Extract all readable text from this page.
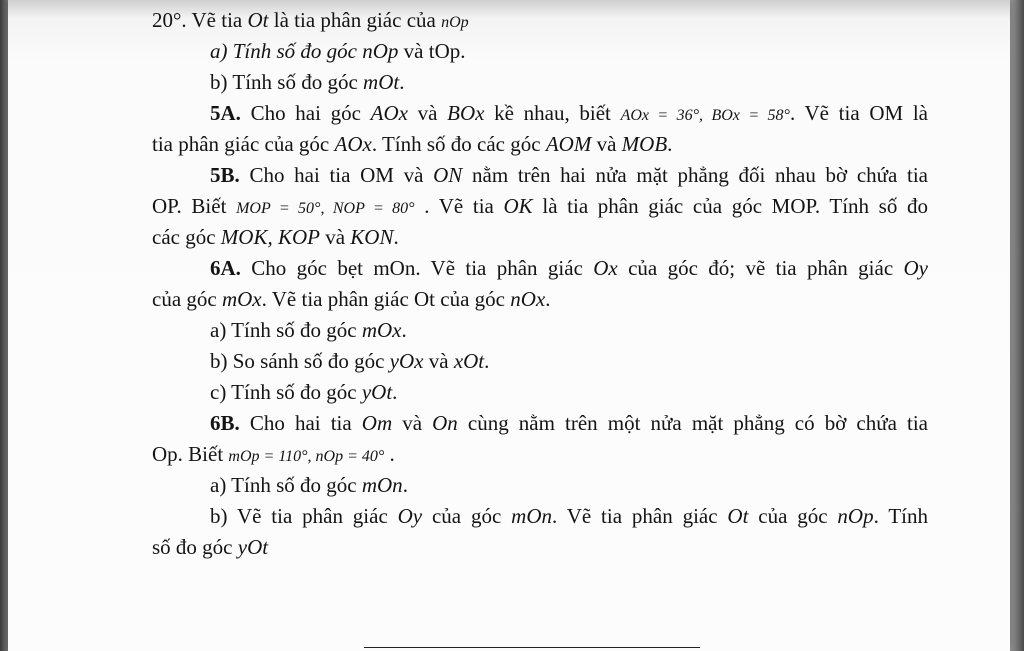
20°. Vẽ tia Ot là tia phân giác của nOp
a) Tính số đo góc nOp và tOp.
b) Tính số đo góc mOt.
5A. Cho hai góc AOx và BOx kề nhau, biết AOx = 36°, BOx = 58°. Vẽ tia OM là
tia phân giác của góc AOx. Tính số đo các góc AOM và MOB.
5B. Cho hai tia OM và ON nằm trên hai nửa mặt phẳng đối nhau bờ chứa tia
OP. Biết MOP = 50°, NOP = 80° . Vẽ tia OK là tia phân giác của góc MOP. Tính số đo
các góc MOK, KOP và KON.
6A. Cho góc bẹt mOn. Vẽ tia phân giác Ox của góc đó; vẽ tia phân giác Oy
của góc mOx. Vẽ tia phân giác Ot của góc nOx.
a) Tính số đo góc mOx.
b) So sánh số đo góc yOx và xOt.
c) Tính số đo góc yOt.
6B. Cho hai tia Om và On cùng nằm trên một nửa mặt phẳng có bờ chứa tia
Op. Biết mOp = 110°, nOp = 40° .
a) Tính số đo góc mOn.
b) Vẽ tia phân giác Oy của góc mOn. Vẽ tia phân giác Ot của góc nOp. Tính
số đo góc yOt
